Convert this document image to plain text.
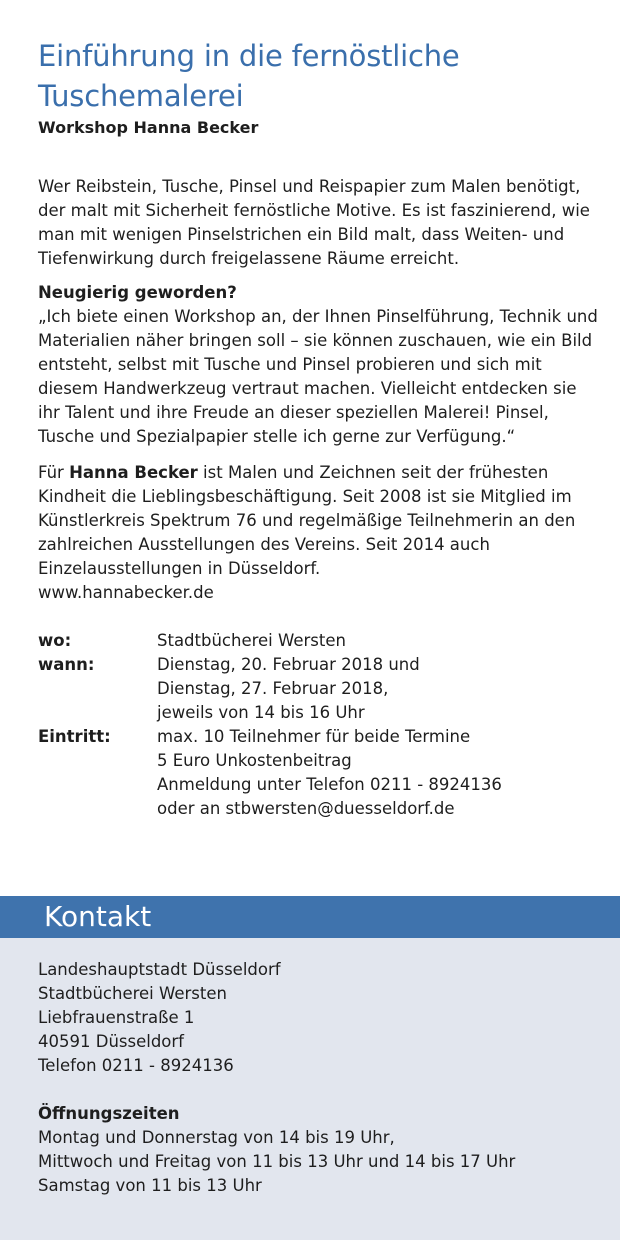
Einführung in die fernöstliche Tuschemalerei
Workshop Hanna Becker

Wer Reibstein, Tusche, Pinsel und Reispapier zum Malen benötigt, der malt mit Sicherheit fernöstliche Motive. Es ist faszinierend, wie man mit wenigen Pinselstrichen ein Bild malt, dass Weiten- und Tiefenwirkung durch freigelassene Räume erreicht.

Neugierig geworden?

„Ich biete einen Workshop an, der Ihnen Pinselführung, Technik und Materialien näher bringen soll – sie können zuschauen, wie ein Bild entsteht, selbst mit Tusche und Pinsel probieren und sich mit diesem Handwerkzeug vertraut machen. Vielleicht entdecken sie ihr Talent und ihre Freude an dieser speziellen Malerei! Pinsel, Tusche und Spezialpapier stelle ich gerne zur Verfügung.“

Für Hanna Becker ist Malen und Zeichnen seit der frühesten Kindheit die Lieblingsbeschäftigung. Seit 2008 ist sie Mitglied im Künstlerkreis Spektrum 76 und regelmäßige Teilnehmerin an den zahlreichen Ausstellungen des Vereins. Seit 2014 auch Einzelausstellungen in Düsseldorf.
www.hannabecker.de

wo:	Stadtbücherei Wersten
wann:	Dienstag, 20. Februar 2018 und
Dienstag, 27. Februar 2018,
jeweils von 14 bis 16 Uhr
Eintritt:	max. 10 Teilnehmer für beide Termine
5 Euro Unkostenbeitrag
Anmeldung unter Telefon 0211 - 8924136
oder an stbwersten@duesseldorf.de
Kontakt
Landeshauptstadt Düsseldorf
Stadtbücherei Wersten
Liebfrauenstraße 1
40591 Düsseldorf
Telefon 0211 - 8924136
Öffnungszeiten
Montag und Donnerstag von 14 bis 19 Uhr,
Mittwoch und Freitag von 11 bis 13 Uhr und 14 bis 17 Uhr
Samstag von 11 bis 13 Uhr
